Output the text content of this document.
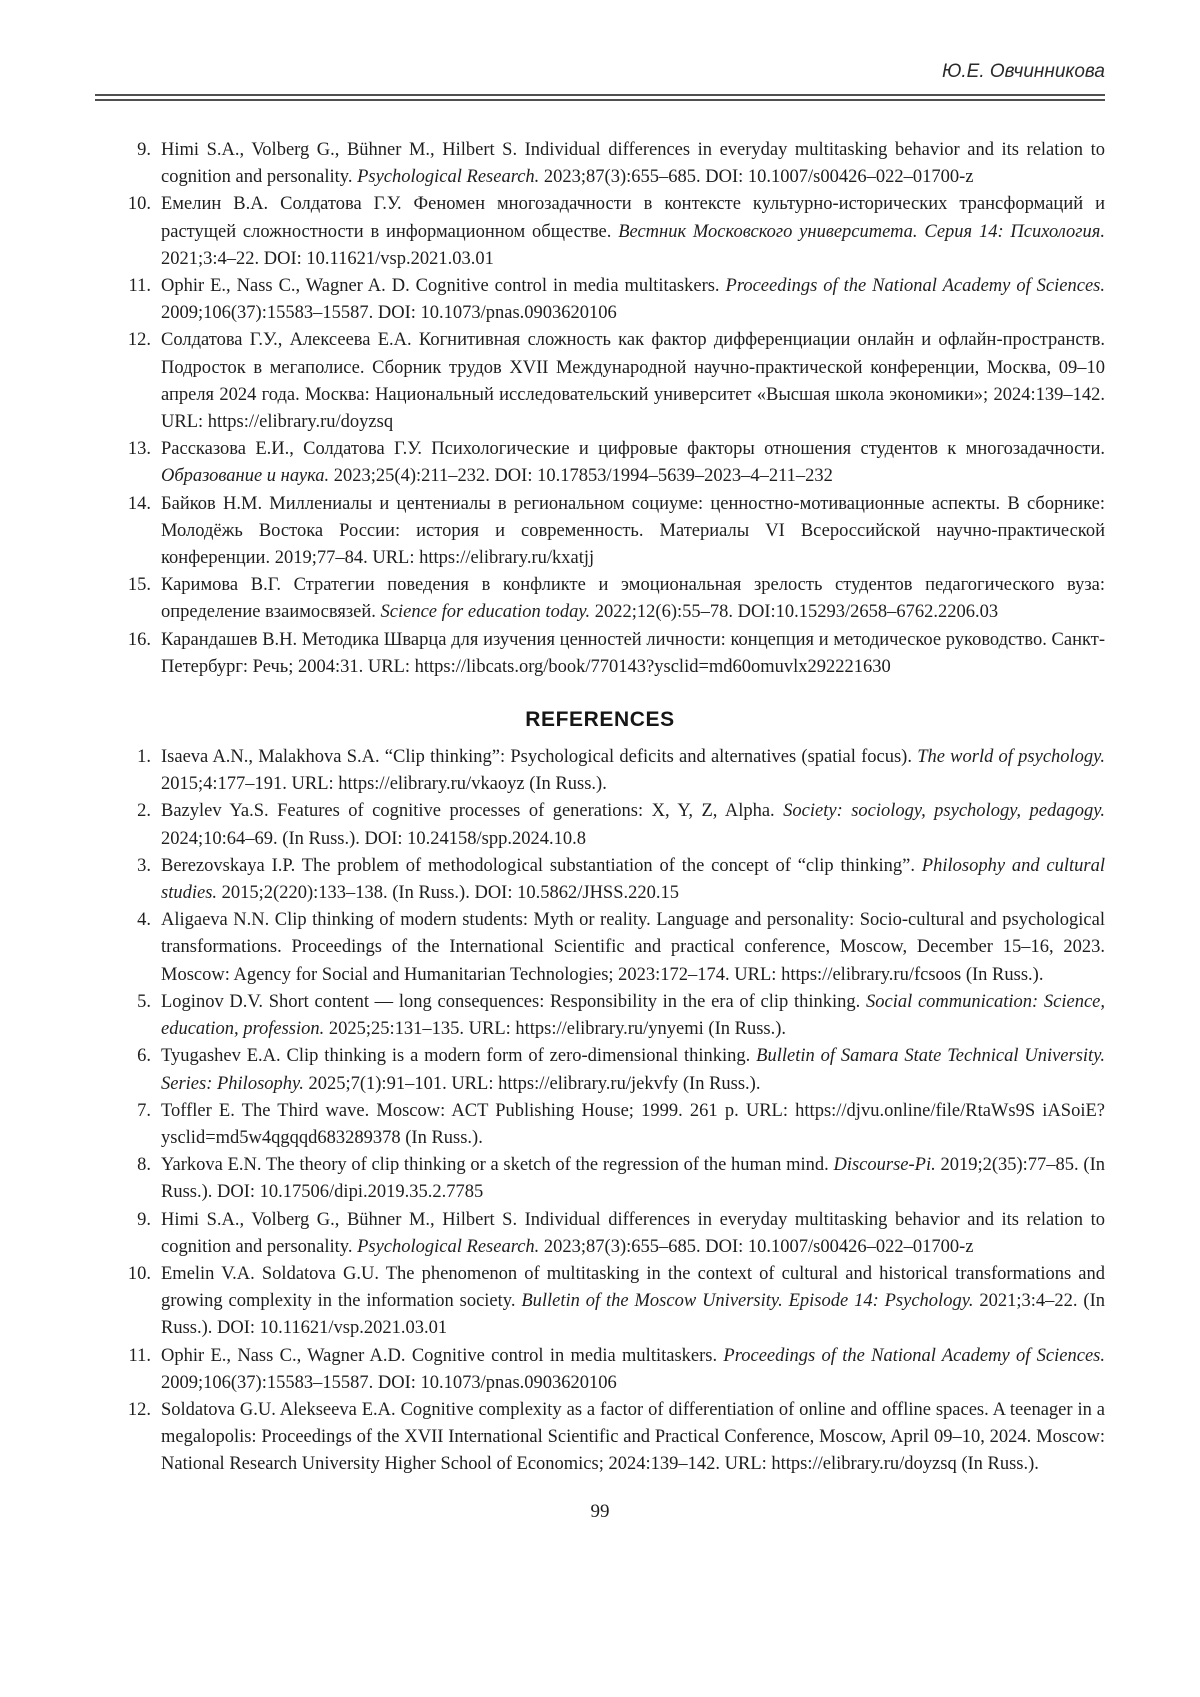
Ю.Е. Овчинникова
9. Himi S.A., Volberg G., Bühner M., Hilbert S. Individual differences in everyday multitasking behavior and its relation to cognition and personality. Psychological Research. 2023;87(3):655–685. DOI: 10.1007/s00426–022–01700-z
10. Емелин В.А. Солдатова Г.У. Феномен многозадачности в контексте культурно-исторических трансформаций и растущей сложностности в информационном обществе. Вестник Московского университета. Серия 14: Психология. 2021;3:4–22. DOI: 10.11621/vsp.2021.03.01
11. Ophir E., Nass C., Wagner A. D. Cognitive control in media multitaskers. Proceedings of the National Academy of Sciences. 2009;106(37):15583–15587. DOI: 10.1073/pnas.0903620106
12. Солдатова Г.У., Алексеева Е.А. Когнитивная сложность как фактор дифференциации онлайн и офлайн-пространств. Подросток в мегаполисе. Сборник трудов XVII Международной научно-практической конференции, Москва, 09–10 апреля 2024 года. Москва: Национальный исследовательский университет «Высшая школа экономики»; 2024:139–142. URL: https://elibrary.ru/doyzsq
13. Рассказова Е.И., Солдатова Г.У. Психологические и цифровые факторы отношения студентов к многозадачности. Образование и наука. 2023;25(4):211–232. DOI: 10.17853/1994–5639–2023–4–211–232
14. Байков Н.М. Миллениалы и центениалы в региональном социуме: ценностно-мотивационные аспекты. В сборнике: Молодёжь Востока России: история и современность. Материалы VI Всероссийской научно-практической конференции. 2019;77–84. URL: https://elibrary.ru/kxatjj
15. Каримова В.Г. Стратегии поведения в конфликте и эмоциональная зрелость студентов педагогического вуза: определение взаимосвязей. Science for education today. 2022;12(6):55–78. DOI:10.15293/2658–6762.2206.03
16. Карандашев В.Н. Методика Шварца для изучения ценностей личности: концепция и методическое руководство. Санкт-Петербург: Речь; 2004:31. URL: https://libcats.org/book/770143?ysclid=md60omuvlx292221630
REFERENCES
1. Isaeva A.N., Malakhova S.A. “Clip thinking”: Psychological deficits and alternatives (spatial focus). The world of psychology. 2015;4:177–191. URL: https://elibrary.ru/vkaoyz (In Russ.).
2. Bazylev Ya.S. Features of cognitive processes of generations: X, Y, Z, Alpha. Society: sociology, psychology, pedagogy. 2024;10:64–69. (In Russ.). DOI: 10.24158/spp.2024.10.8
3. Berezovskaya I.P. The problem of methodological substantiation of the concept of “clip thinking”. Philosophy and cultural studies. 2015;2(220):133–138. (In Russ.). DOI: 10.5862/JHSS.220.15
4. Aligaeva N.N. Clip thinking of modern students: Myth or reality. Language and personality: Socio-cultural and psychological transformations. Proceedings of the International Scientific and practical conference, Moscow, December 15–16, 2023. Moscow: Agency for Social and Humanitarian Technologies; 2023:172–174. URL: https://elibrary.ru/fcsoos (In Russ.).
5. Loginov D.V. Short content — long consequences: Responsibility in the era of clip thinking. Social communication: Science, education, profession. 2025;25:131–135. URL: https://elibrary.ru/ynyemi (In Russ.).
6. Tyugashev E.A. Clip thinking is a modern form of zero-dimensional thinking. Bulletin of Samara State Technical University. Series: Philosophy. 2025;7(1):91–101. URL: https://elibrary.ru/jekvfy (In Russ.).
7. Toffler E. The Third wave. Moscow: ACT Publishing House; 1999. 261 p. URL: https://djvu.online/file/RtaWs9S iASoiE?ysclid=md5w4qgqqd683289378 (In Russ.).
8. Yarkova E.N. The theory of clip thinking or a sketch of the regression of the human mind. Discourse-Pi. 2019;2(35):77–85. (In Russ.). DOI: 10.17506/dipi.2019.35.2.7785
9. Himi S.A., Volberg G., Bühner M., Hilbert S. Individual differences in everyday multitasking behavior and its relation to cognition and personality. Psychological Research. 2023;87(3):655–685. DOI: 10.1007/s00426–022–01700-z
10. Emelin V.A. Soldatova G.U. The phenomenon of multitasking in the context of cultural and historical transformations and growing complexity in the information society. Bulletin of the Moscow University. Episode 14: Psychology. 2021;3:4–22. (In Russ.). DOI: 10.11621/vsp.2021.03.01
11. Ophir E., Nass C., Wagner A.D. Cognitive control in media multitaskers. Proceedings of the National Academy of Sciences. 2009;106(37):15583–15587. DOI: 10.1073/pnas.0903620106
12. Soldatova G.U. Alekseeva E.A. Cognitive complexity as a factor of differentiation of online and offline spaces. A teenager in a megalopolis: Proceedings of the XVII International Scientific and Practical Conference, Moscow, April 09–10, 2024. Moscow: National Research University Higher School of Economics; 2024:139–142. URL: https://elibrary.ru/doyzsq (In Russ.).
99
